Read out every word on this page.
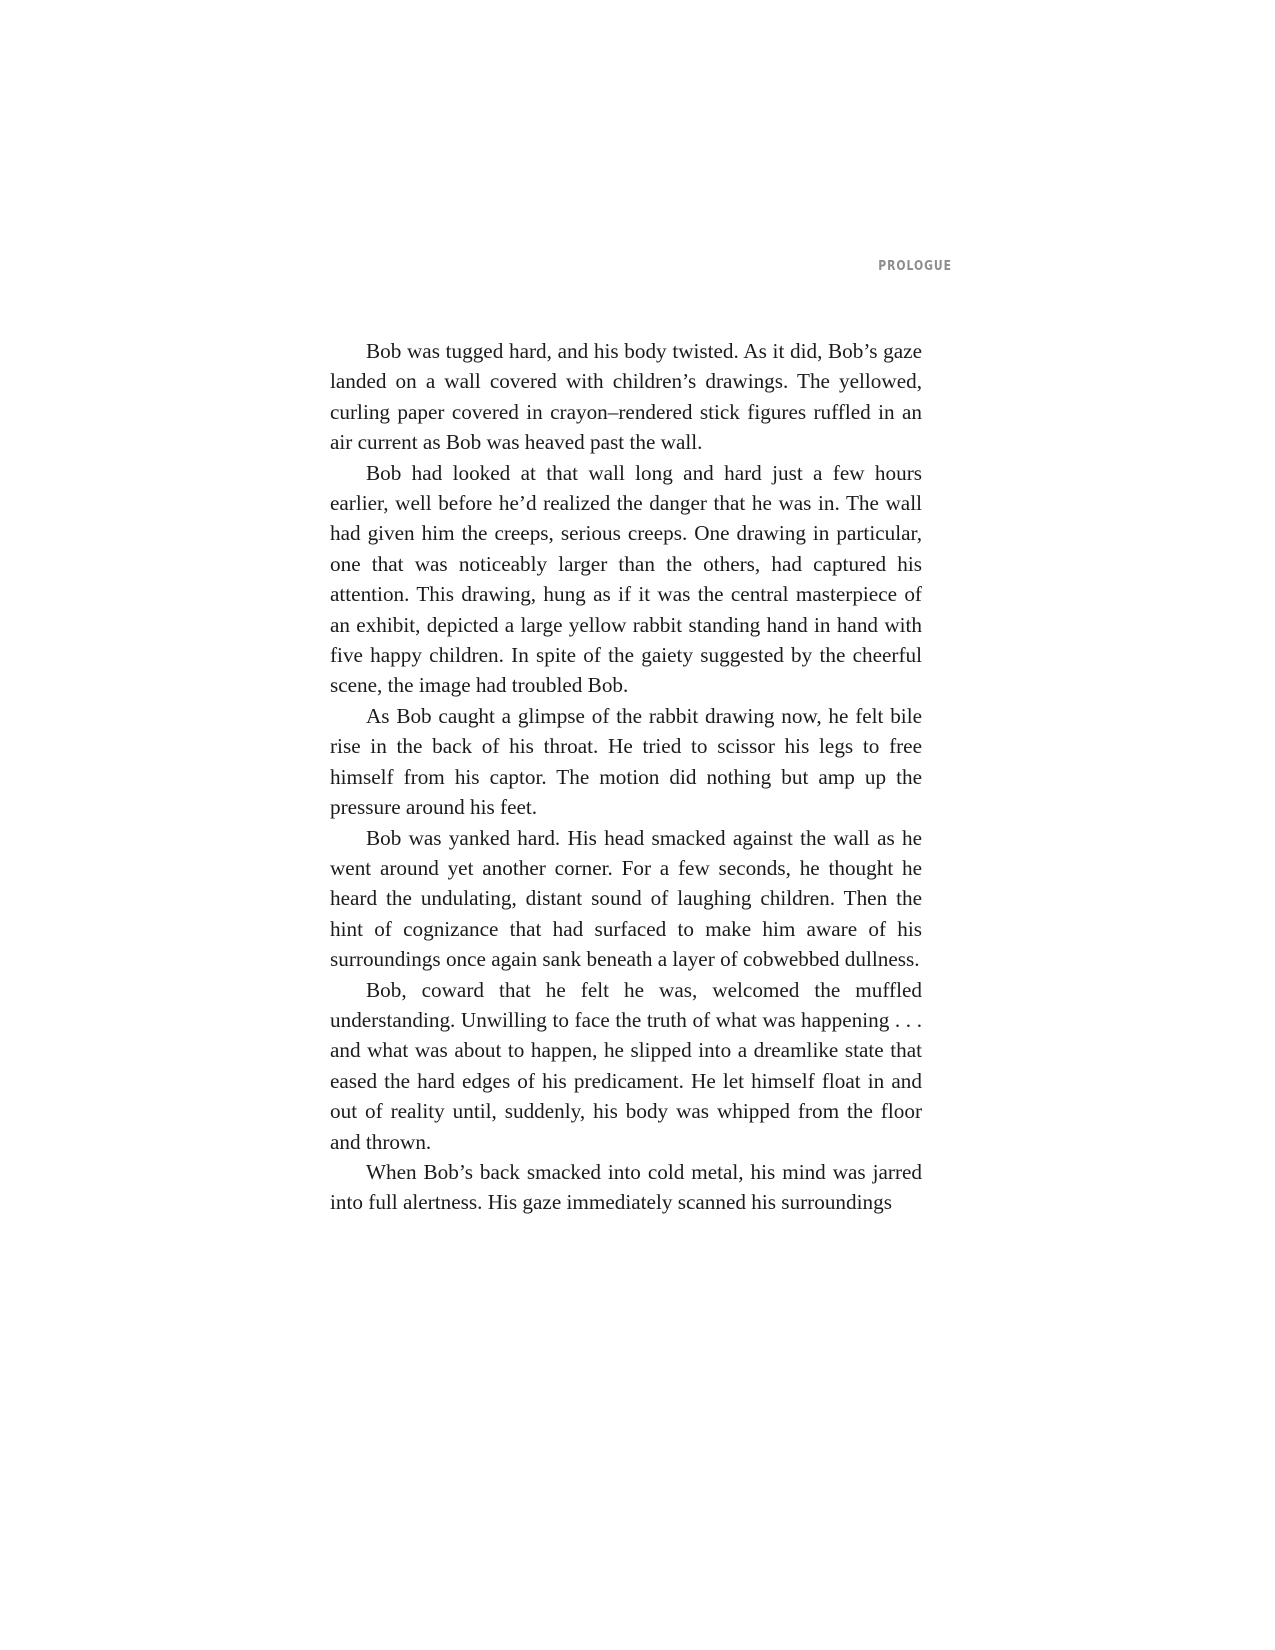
PROLOGUE

Bob was tugged hard, and his body twisted. As it did, Bob’s gaze landed on a wall covered with children’s drawings. The yellowed, curling paper covered in crayon–rendered stick figures ruffled in an air current as Bob was heaved past the wall.

Bob had looked at that wall long and hard just a few hours earlier, well before he’d realized the danger that he was in. The wall had given him the creeps, serious creeps. One drawing in particular, one that was noticeably larger than the others, had captured his attention. This drawing, hung as if it was the central masterpiece of an exhibit, depicted a large yellow rabbit standing hand in hand with five happy children. In spite of the gaiety suggested by the cheerful scene, the image had troubled Bob.

As Bob caught a glimpse of the rabbit drawing now, he felt bile rise in the back of his throat. He tried to scissor his legs to free himself from his captor. The motion did nothing but amp up the pressure around his feet.

Bob was yanked hard. His head smacked against the wall as he went around yet another corner. For a few seconds, he thought he heard the undulating, distant sound of laughing children. Then the hint of cognizance that had surfaced to make him aware of his surroundings once again sank beneath a layer of cobwebbed dullness.

Bob, coward that he felt he was, welcomed the muffled understanding. Unwilling to face the truth of what was happening . . . and what was about to happen, he slipped into a dreamlike state that eased the hard edges of his predicament. He let himself float in and out of reality until, suddenly, his body was whipped from the floor and thrown.

When Bob’s back smacked into cold metal, his mind was jarred into full alertness. His gaze immediately scanned his surroundings
